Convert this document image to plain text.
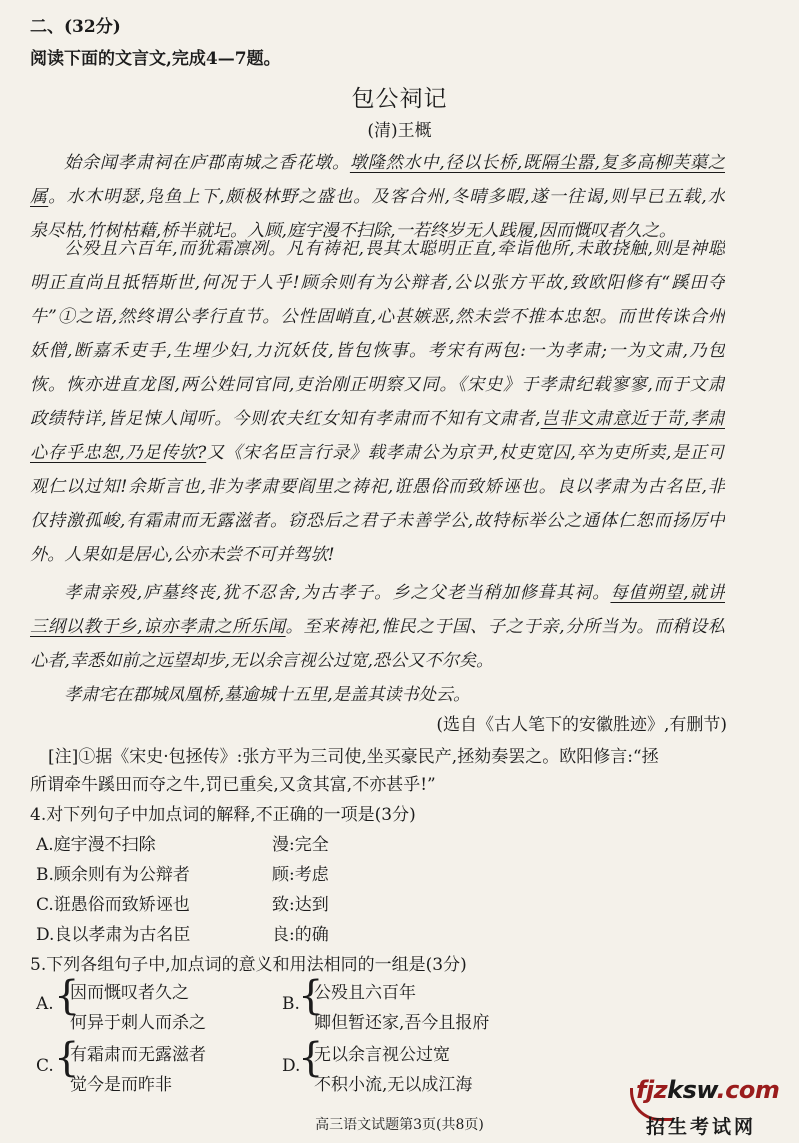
二、(32分)
阅读下面的文言文,完成4—7题。
包公祠记
(清)王概
始余闻孝肃祠在庐郡南城之香花墩。墩隆然水中,径以长桥,既隔尘嚣,复多高柳芙蕖之
属。水木明瑟,凫鱼上下,颇极林野之盛也。及客合州,冬晴多暇,遂一往谒,则早已五载,水
泉尽枯,竹树枯藉,桥半就圮。入顾,庭宇漫不扫除,一若终岁无人践履,因而慨叹者久之。
公殁且六百年,而犹霜凛冽。凡有祷祀,畏其太聪明正直,牵诣他所,未敢挠触,则是神聪
明正直尚且抵牾斯世,何况于人乎!顾余则有为公辩者,公以张方平故,致欧阳修有“蹊田夺
牛”①之语,然终谓公孝行直节。公性固峭直,心甚嫉恶,然未尝不推本忠恕。而世传诛合州
妖僧,断嘉禾吏手,生埋少妇,力沉妖伎,皆包恢事。考宋有两包:一为孝肃;一为文肃,乃包
恢。恢亦进直龙图,两公姓同官同,吏治刚正明察又同。《宋史》于孝肃纪载寥寥,而于文肃
政绩特详,皆足悚人闻听。今则农夫红女知有孝肃而不知有文肃者,岂非文肃意近于苛,孝肃
心存乎忠恕,乃足传欤?又《宋名臣言行录》载孝肃公为京尹,杖吏宽囚,卒为吏所卖,是正可
观仁以过知!余斯言也,非为孝肃要阎里之祷祀,诳愚俗而致矫诬也。良以孝肃为古名臣,非
仅持激孤峻,有霜肃而无露滋者。窃恐后之君子未善学公,故特标举公之通体仁恕而扬厉中
外。人果如是居心,公亦未尝不可并驾欤!
孝肃亲殁,庐墓终丧,犹不忍舍,为古孝子。乡之父老当稍加修葺其祠。每值朔望,就讲
三纲以教于乡,谅亦孝肃之所乐闻。至来祷祀,惟民之于国、子之于亲,分所当为。而稍设私
心者,幸悉如前之远望却步,无以余言视公过宽,恐公又不尔矣。
孝肃宅在郡城凤凰桥,墓逾城十五里,是盖其读书处云。
(选自《古人笔下的安徽胜迹》,有删节)
[注]①据《宋史·包拯传》:张方平为三司使,坐买豪民产,拯劾奏罢之。欧阳修言:“拯
所谓牵牛蹊田而夺之牛,罚已重矣,又贪其富,不亦甚乎!”
4.对下列句子中加点词的解释,不正确的一项是(3分)
A.庭宇漫不扫除	漫:完全
B.顾余则有为公辩者	顾:考虑
C.诳愚俗而致矫诬也	致:达到
D.良以孝肃为古名臣	良:的确
5.下列各组句子中,加点词的意义和用法相同的一组是(3分)
A. {
因而慨叹者久之
何异于刺人而杀之
B.
{
公殁且六百年
卿但暂还家,吾今且报府
C. {
有霜肃而无露滋者
觉今是而昨非
D.
{
无以余言视公过宽
不积小流,无以成江海
高三语文试题第3页(共8页)
fjzksw.com
招生考试网
